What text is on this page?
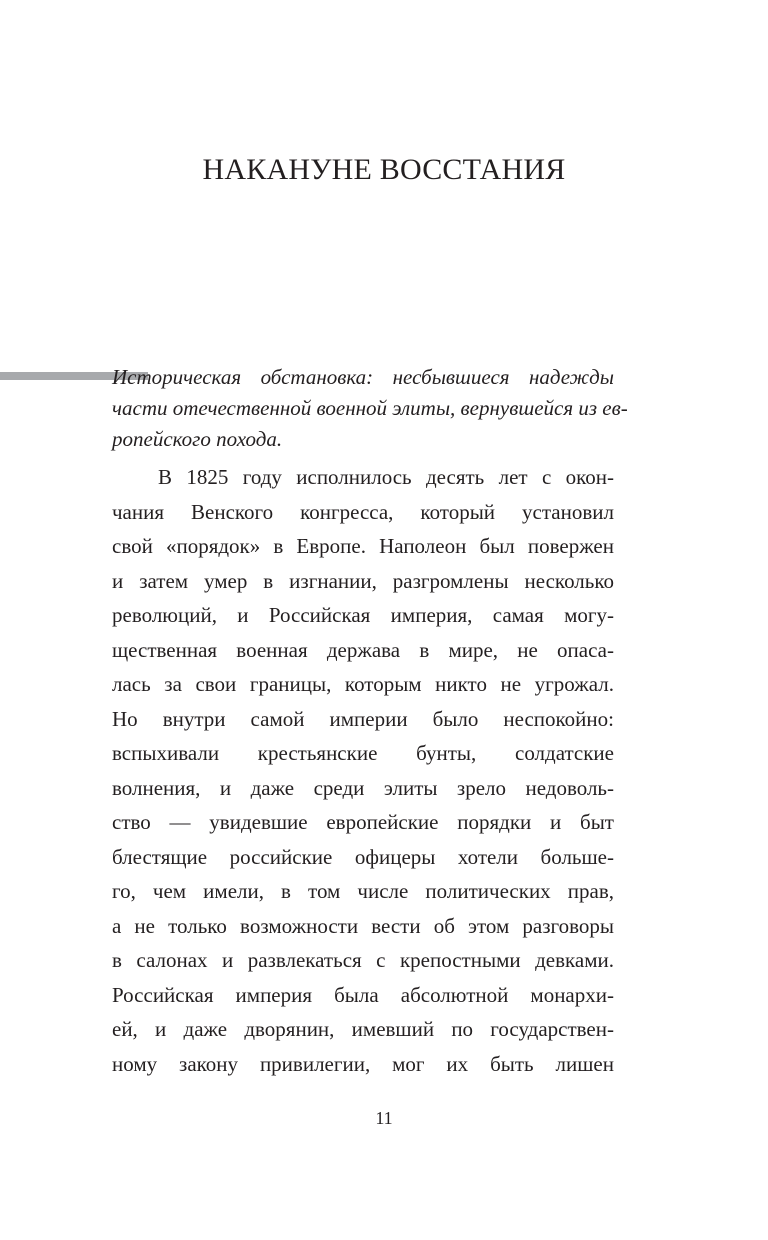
НАКАНУНЕ ВОССТАНИЯ
Историческая обстановка: несбывшиеся надежды
части отечественной военной элиты, вернувшейся из ев-
ропейского похода.
В 1825 году исполнилось десять лет с окон-
чания Венского конгресса, который установил
свой «порядок» в Европе. Наполеон был повержен
и затем умер в изгнании, разгромлены несколько
революций, и Российская империя, самая могу-
щественная военная держава в мире, не опаса-
лась за свои границы, которым никто не угрожал.
Но внутри самой империи было неспокойно:
вспыхивали крестьянские бунты, солдатские
волнения, и даже среди элиты зрело недоволь-
ство — увидевшие европейские порядки и быт
блестящие российские офицеры хотели большe-
го, чем имели, в том числе политических прав,
а не только возможности вести об этом разговоры
в салонах и развлекаться с крепостными девками.
Российская империя была абсолютной монархи-
ей, и даже дворянин, имевший по государствен-
ному закону привилегии, мог их быть лишен
11
